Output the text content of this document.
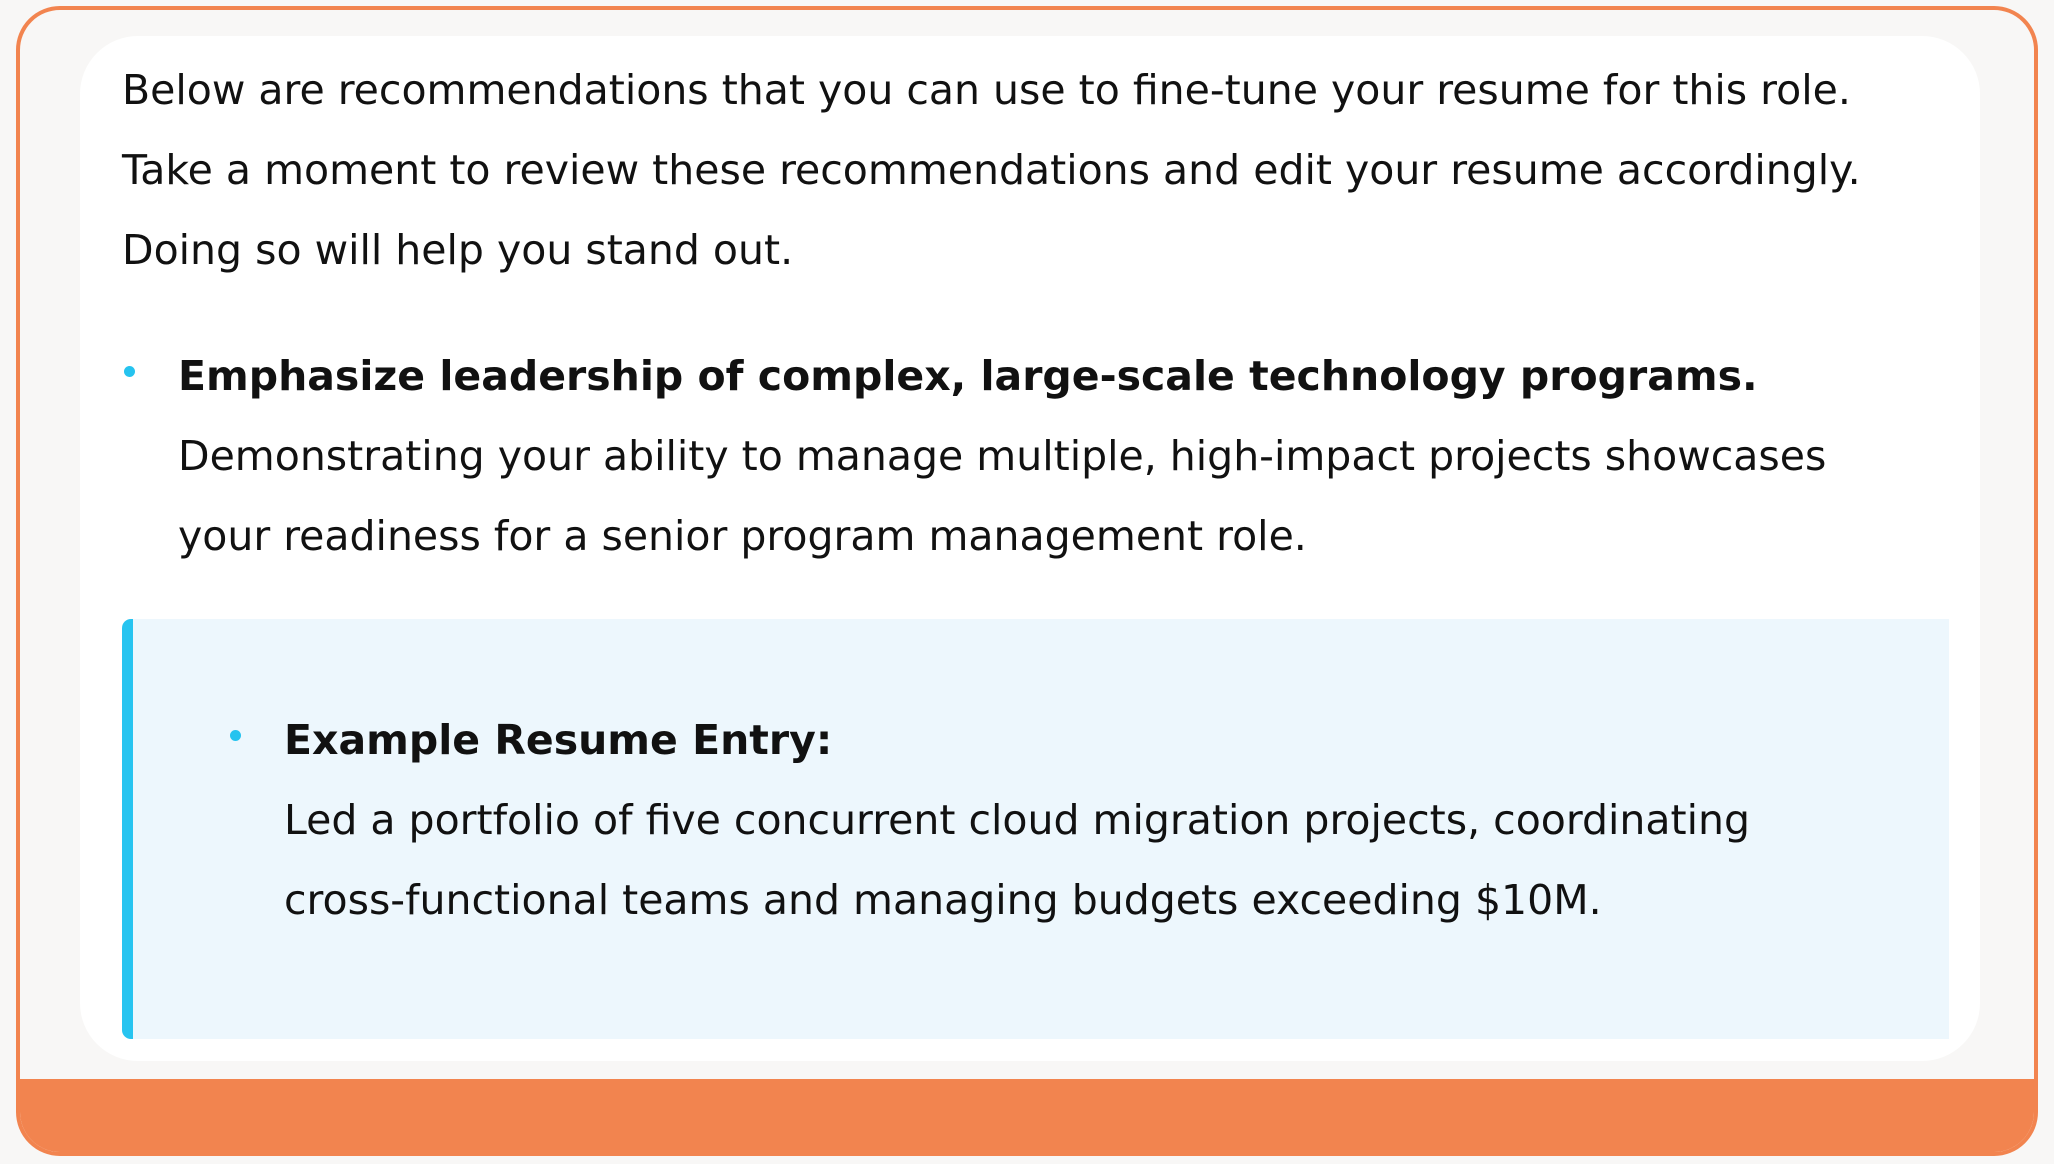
Below are recommendations that you can use to fine-tune your resume for this role.
Take a moment to review these recommendations and edit your resume accordingly.
Doing so will help you stand out.

Emphasize leadership of complex, large-scale technology programs.
Demonstrating your ability to manage multiple, high-impact projects showcases
your readiness for a senior program management role.
Example Resume Entry:
Led a portfolio of five concurrent cloud migration projects, coordinating
cross-functional teams and managing budgets exceeding $10M.
